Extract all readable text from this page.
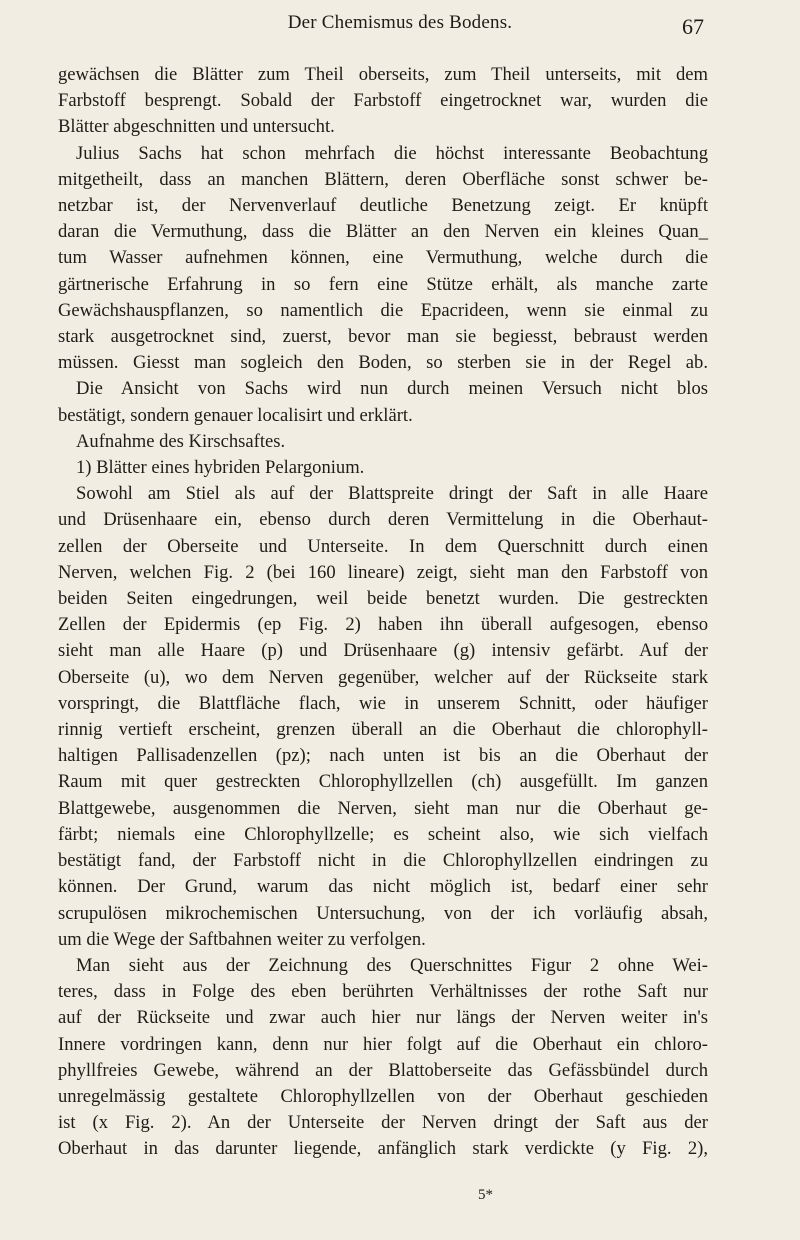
Der Chemismus des Bodens.	67
gewächsen die Blätter zum Theil oberseits, zum Theil unterseits, mit dem
Farbstoff besprengt. Sobald der Farbstoff eingetrocknet war, wurden die
Blätter abgeschnitten und untersucht.
Julius Sachs hat schon mehrfach die höchst interessante Beobachtung
mitgetheilt, dass an manchen Blättern, deren Oberfläche sonst schwer be-
netzbar ist, der Nervenverlauf deutliche Benetzung zeigt. Er knüpft
daran die Vermuthung, dass die Blätter an den Nerven ein kleines Quan_
tum Wasser aufnehmen können, eine Vermuthung, welche durch die
gärtnerische Erfahrung in so fern eine Stütze erhält, als manche zarte
Gewächshauspflanzen, so namentlich die Epacrideen, wenn sie einmal zu
stark ausgetrocknet sind, zuerst, bevor man sie begiesst, bebraust werden
müssen. Giesst man sogleich den Boden, so sterben sie in der Regel ab.
Die Ansicht von Sachs wird nun durch meinen Versuch nicht blos
bestätigt, sondern genauer localisirt und erklärt.
Aufnahme des Kirschsaftes.
1) Blätter eines hybriden Pelargonium.
Sowohl am Stiel als auf der Blattspreite dringt der Saft in alle Haare
und Drüsenhaare ein, ebenso durch deren Vermittelung in die Oberhaut-
zellen der Oberseite und Unterseite. In dem Querschnitt durch einen
Nerven, welchen Fig. 2 (bei 160 lineare) zeigt, sieht man den Farbstoff von
beiden Seiten eingedrungen, weil beide benetzt wurden. Die gestreckten
Zellen der Epidermis (ep Fig. 2) haben ihn überall aufgesogen, ebenso
sieht man alle Haare (p) und Drüsenhaare (g) intensiv gefärbt. Auf der
Oberseite (u), wo dem Nerven gegenüber, welcher auf der Rückseite stark
vorspringt, die Blattfläche flach, wie in unserem Schnitt, oder häufiger
rinnig vertieft erscheint, grenzen überall an die Oberhaut die chlorophyll-
haltigen Pallisadenzellen (pz); nach unten ist bis an die Oberhaut der
Raum mit quer gestreckten Chlorophyllzellen (ch) ausgefüllt. Im ganzen
Blattgewebe, ausgenommen die Nerven, sieht man nur die Oberhaut ge-
färbt; niemals eine Chlorophyllzelle; es scheint also, wie sich vielfach
bestätigt fand, der Farbstoff nicht in die Chlorophyllzellen eindringen zu
können. Der Grund, warum das nicht möglich ist, bedarf einer sehr
scrupulösen mikrochemischen Untersuchung, von der ich vorläufig absah,
um die Wege der Saftbahnen weiter zu verfolgen.
Man sieht aus der Zeichnung des Querschnittes Figur 2 ohne Wei-
teres, dass in Folge des eben berührten Verhältnisses der rothe Saft nur
auf der Rückseite und zwar auch hier nur längs der Nerven weiter in's
Innere vordringen kann, denn nur hier folgt auf die Oberhaut ein chloro-
phyllfreies Gewebe, während an der Blattoberseite das Gefässbündel durch
unregelmässig gestaltete Chlorophyllzellen von der Oberhaut geschieden
ist (x Fig. 2). An der Unterseite der Nerven dringt der Saft aus der
Oberhaut in das darunter liegende, anfänglich stark verdickte (y Fig. 2),
5*
